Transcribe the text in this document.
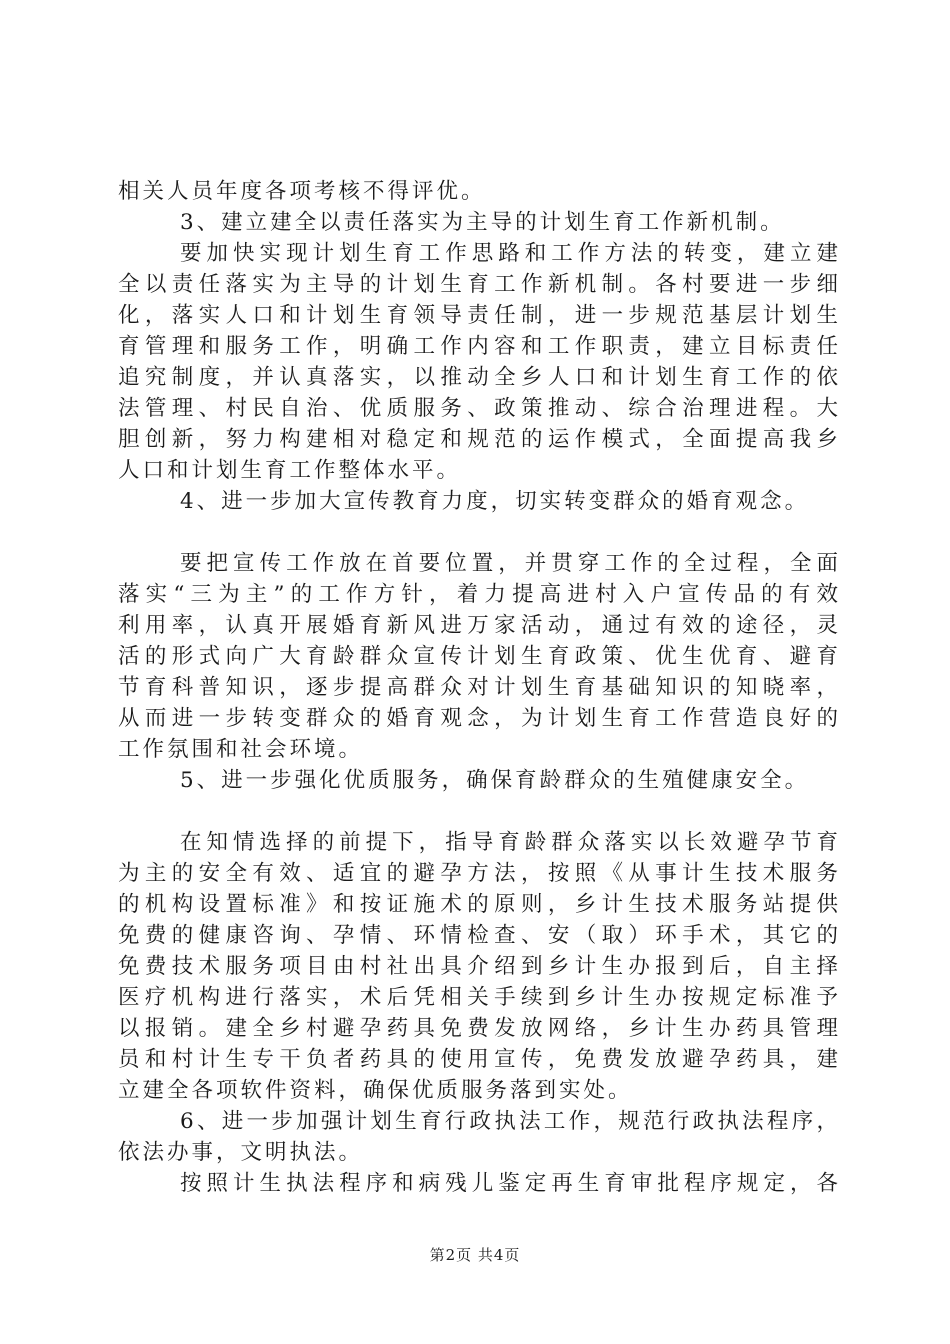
相关人员年度各项考核不得评优。
3、建立建全以责任落实为主导的计划生育工作新机制。
要加快实现计划生育工作思路和工作方法的转变，建立建
全以责任落实为主导的计划生育工作新机制。各村要进一步细
化，落实人口和计划生育领导责任制，进一步规范基层计划生
育管理和服务工作，明确工作内容和工作职责，建立目标责任
追究制度，并认真落实，以推动全乡人口和计划生育工作的依
法管理、村民自治、优质服务、政策推动、综合治理进程。大
胆创新，努力构建相对稳定和规范的运作模式，全面提高我乡
人口和计划生育工作整体水平。
4、进一步加大宣传教育力度，切实转变群众的婚育观念。
要把宣传工作放在首要位置，并贯穿工作的全过程，全面
落实“三为主”的工作方针，着力提高进村入户宣传品的有效
利用率，认真开展婚育新风进万家活动，通过有效的途径，灵
活的形式向广大育龄群众宣传计划生育政策、优生优育、避育
节育科普知识，逐步提高群众对计划生育基础知识的知晓率，
从而进一步转变群众的婚育观念，为计划生育工作营造良好的
工作氛围和社会环境。
5、进一步强化优质服务，确保育龄群众的生殖健康安全。
在知情选择的前提下，指导育龄群众落实以长效避孕节育
为主的安全有效、适宜的避孕方法，按照《从事计生技术服务
的机构设置标准》和按证施术的原则，乡计生技术服务站提供
免费的健康咨询、孕情、环情检查、安（取）环手术，其它的
免费技术服务项目由村社出具介绍到乡计生办报到后，自主择
医疗机构进行落实，术后凭相关手续到乡计生办按规定标准予
以报销。建全乡村避孕药具免费发放网络，乡计生办药具管理
员和村计生专干负者药具的使用宣传，免费发放避孕药具，建
立建全各项软件资料，确保优质服务落到实处。
6、进一步加强计划生育行政执法工作，规范行政执法程序，
依法办事，文明执法。
按照计生执法程序和病残儿鉴定再生育审批程序规定，各
第2页 共4页
